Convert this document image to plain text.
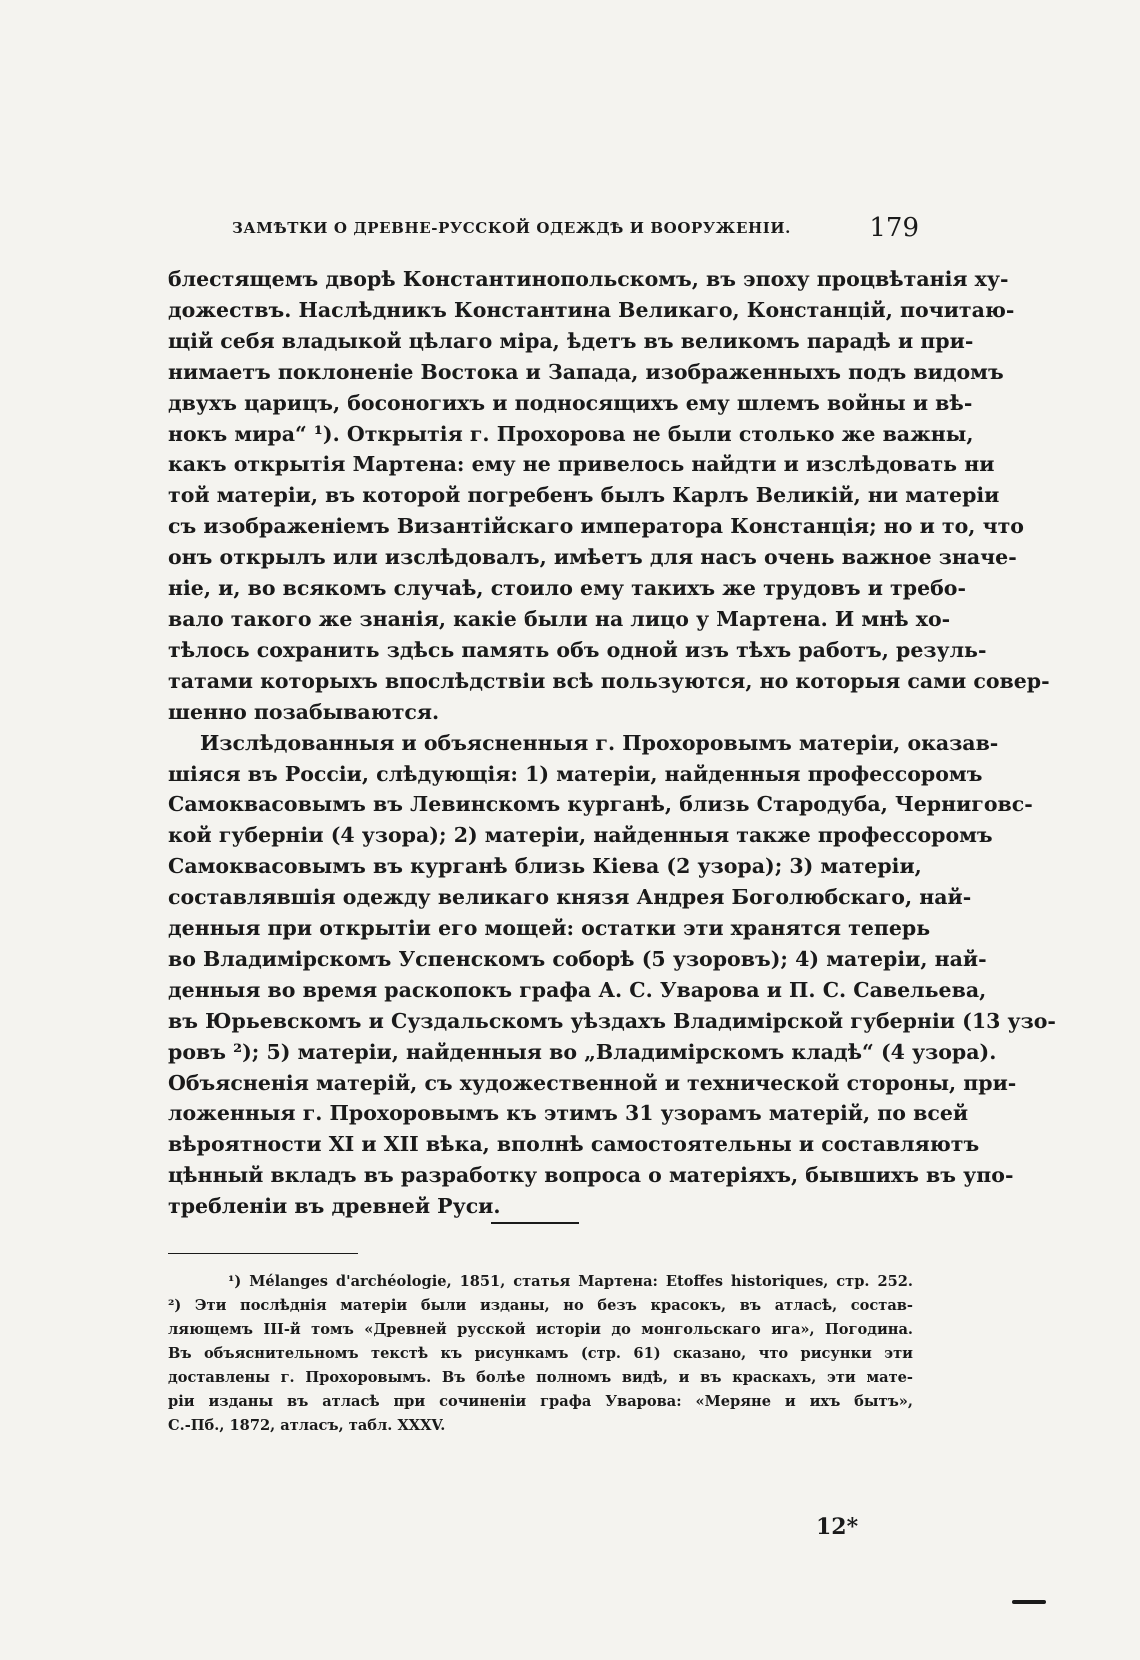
ЗАМѢТКИ О ДРЕВНЕ-РУССКОЙ ОДЕЖДѢ И ВООРУЖЕНІИ.	179
блестящемъ дворѣ Константинопольскомъ, въ эпоху процвѣтанія ху-
дожествъ. Наслѣдникъ Константина Великаго, Констанцій, почитаю-
щій себя владыкой цѣлаго міра, ѣдетъ въ великомъ парадѣ и при-
нимаетъ поклоненіе Востока и Запада, изображенныхъ подъ видомъ
двухъ царицъ, босоногихъ и подносящихъ ему шлемъ войны и вѣ-
нокъ мира“ ¹). Открытія г. Прохорова не были столько же важны,
какъ открытія Мартена: ему не привелось найдти и изслѣдовать ни
той матеріи, въ которой погребенъ былъ Карлъ Великій, ни матеріи
съ изображеніемъ Византійскаго императора Констанція; но и то, что
онъ открылъ или изслѣдовалъ, имѣетъ для насъ очень важное значе-
ніе, и, во всякомъ случаѣ, стоило ему такихъ же трудовъ и требо-
вало такого же знанія, какіе были на лицо у Мартена. И мнѣ хо-
тѣлось сохранить здѣсь память объ одной изъ тѣхъ работъ, резуль-
татами которыхъ впослѣдствіи всѣ пользуются, но которыя сами совер-
шенно позабываются.
Изслѣдованныя и объясненныя г. Прохоровымъ матеріи, оказав-
шіяся въ Россіи, слѣдующія: 1) матеріи, найденныя профессоромъ
Самоквасовымъ въ Левинскомъ курганѣ, близь Стародуба, Черниговс-
кой губерніи (4 узора); 2) матеріи, найденныя также профессоромъ
Самоквасовымъ въ курганѣ близь Кіева (2 узора); 3) матеріи,
составлявшія одежду великаго князя Андрея Боголюбскаго, най-
денныя при открытіи его мощей: остатки эти хранятся теперь
во Владимірскомъ Успенскомъ соборѣ (5 узоровъ); 4) матеріи, най-
денныя во время раскопокъ графа А. С. Уварова и П. С. Савельева,
въ Юрьевскомъ и Суздальскомъ уѣздахъ Владимірской губерніи (13 узо-
ровъ ²); 5) матеріи, найденныя во „Владимірскомъ кладѣ“ (4 узора).
Объясненія матерій, съ художественной и технической стороны, при-
ложенныя г. Прохоровымъ къ этимъ 31 узорамъ матерій, по всей
вѣроятности XI и XII вѣка, вполнѣ самостоятельны и составляютъ
цѣнный вкладъ въ разработку вопроса о матеріяхъ, бывшихъ въ упо-
требленіи въ древней Руси.
¹) Mélanges d'archéologie, 1851, статья Мартена: Etoffes historiques, стр. 252.
²) Эти послѣднія матеріи были изданы, но безъ красокъ, въ атласѣ, состав-
ляющемъ III-й томъ «Древней русской исторіи до монгольскаго ига», Погодина.
Въ объяснительномъ текстѣ къ рисункамъ (стр. 61) сказано, что рисунки эти
доставлены г. Прохоровымъ. Въ болѣе полномъ видѣ, и въ краскахъ, эти мате-
ріи изданы въ атласѣ при сочиненіи графа Уварова: «Меряне и ихъ бытъ»,
С.-Пб., 1872, атласъ, табл. XXXV.
12*
